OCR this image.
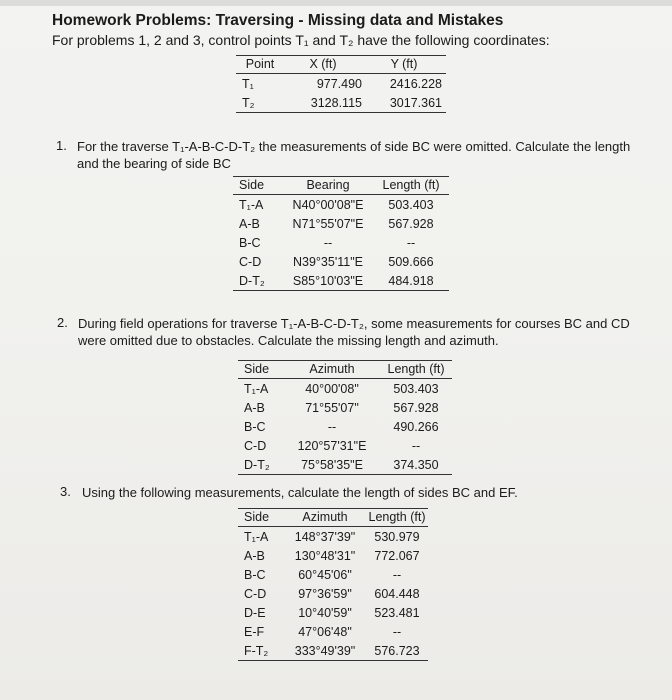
Homework Problems: Traversing - Missing data and Mistakes
For problems 1, 2 and 3, control points T₁ and T₂ have the following coordinates:
Point	X (ft)	Y (ft)
T₁	977.490	2416.228
T₂	3128.115	3017.361
1. For the traverse T₁-A-B-C-D-T₂ the measurements of side BC were omitted. Calculate the length and the bearing of side BC
Side	Bearing	Length (ft)
T₁-A	N40°00'08"E	503.403
A-B	N71°55'07"E	567.928
B-C	--	--
C-D	N39°35'11"E	509.666
D-T₂	S85°10'03"E	484.918
2. During field operations for traverse T₁-A-B-C-D-T₂, some measurements for courses BC and CD were omitted due to obstacles. Calculate the missing length and azimuth.
Side	Azimuth	Length (ft)
T₁-A	40°00'08"	503.403
A-B	71°55'07"	567.928
B-C	--	490.266
C-D	120°57'31"E	--
D-T₂	75°58'35"E	374.350
3. Using the following measurements, calculate the length of sides BC and EF.
Side	Azimuth	Length (ft)
T₁-A	148°37'39"	530.979
A-B	130°48'31"	772.067
B-C	60°45'06"	--
C-D	97°36'59"	604.448
D-E	10°40'59"	523.481
E-F	47°06'48"	--
F-T₂	333°49'39"	576.723
